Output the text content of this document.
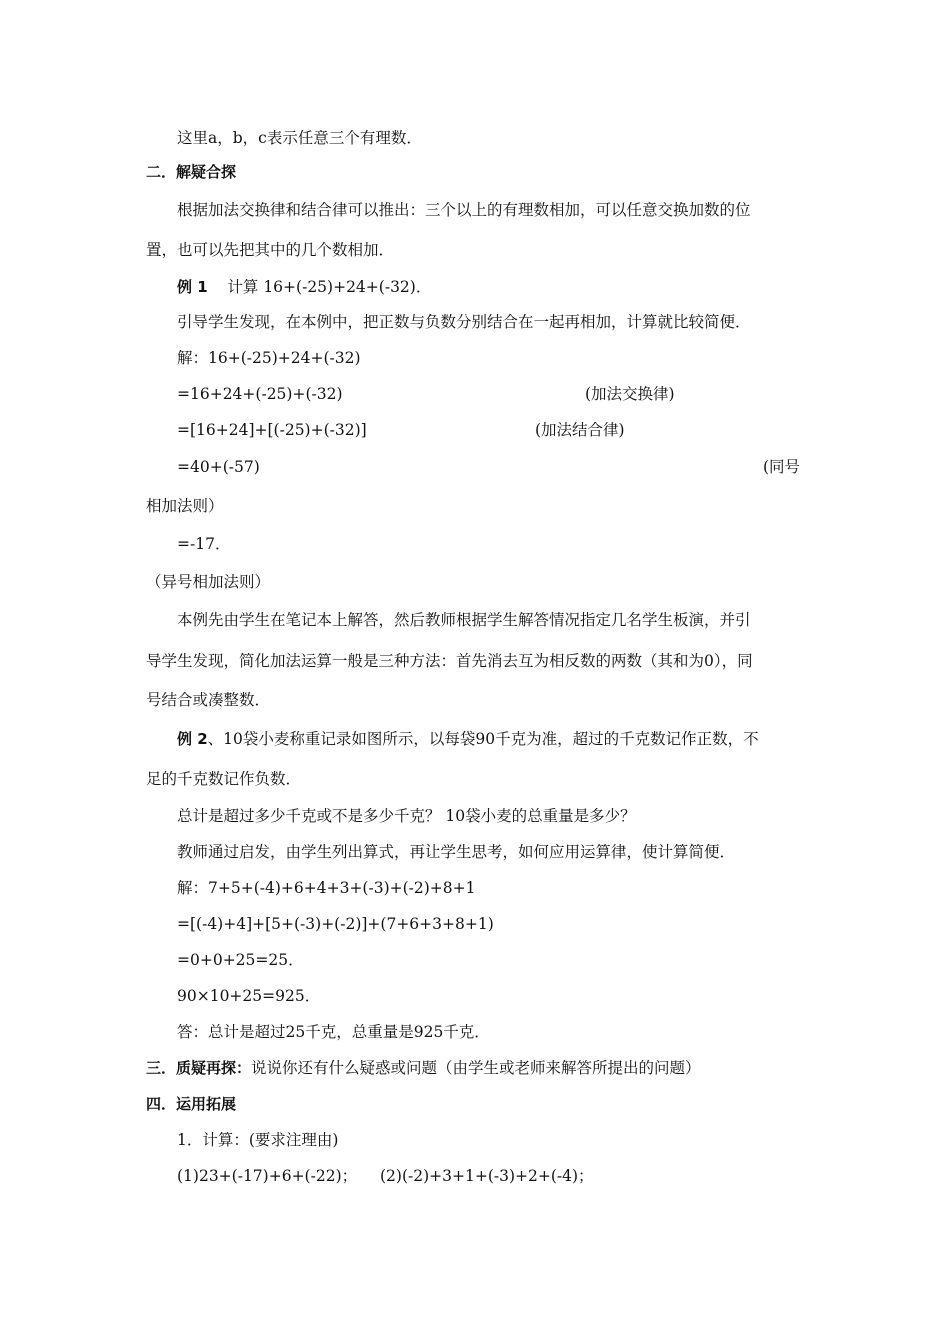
这里a，b，c表示任意三个有理数．
二．解疑合探
根据加法交换律和结合律可以推出：三个以上的有理数相加，可以任意交换加数的位
置，也可以先把其中的几个数相加．
例 1 计算 16+(-25)+24+(-32)．
引导学生发现，在本例中，把正数与负数分别结合在一起再相加，计算就比较简便．
解：16+(-25)+24+(-32)
=16+24+(-25)+(-32)	(加法交换律)
=[16+24]+[(-25)+(-32)]	(加法结合律)
=40+(-57)	(同号
相加法则）
=-17．
（异号相加法则）
本例先由学生在笔记本上解答，然后教师根据学生解答情况指定几名学生板演，并引
导学生发现，简化加法运算一般是三种方法：首先消去互为相反数的两数（其和为0），同
号结合或凑整数．
例 2、10袋小麦称重记录如图所示，以每袋90千克为准，超过的千克数记作正数，不
足的千克数记作负数．
总计是超过多少千克或不是多少千克？ 10袋小麦的总重量是多少？
教师通过启发，由学生列出算式，再让学生思考，如何应用运算律，使计算简便．
解：7+5+(-4)+6+4+3+(-3)+(-2)+8+1
=[(-4)+4]+[5+(-3)+(-2)]+(7+6+3+8+1)
=0+0+25=25．
90×10+25=925．
答：总计是超过25千克，总重量是925千克．
三．质疑再探：说说你还有什么疑惑或问题（由学生或老师来解答所提出的问题）
四．运用拓展
1．计算：(要求注理由)
(1)23+(-17)+6+(-22)； (2)(-2)+3+1+(-3)+2+(-4)；
